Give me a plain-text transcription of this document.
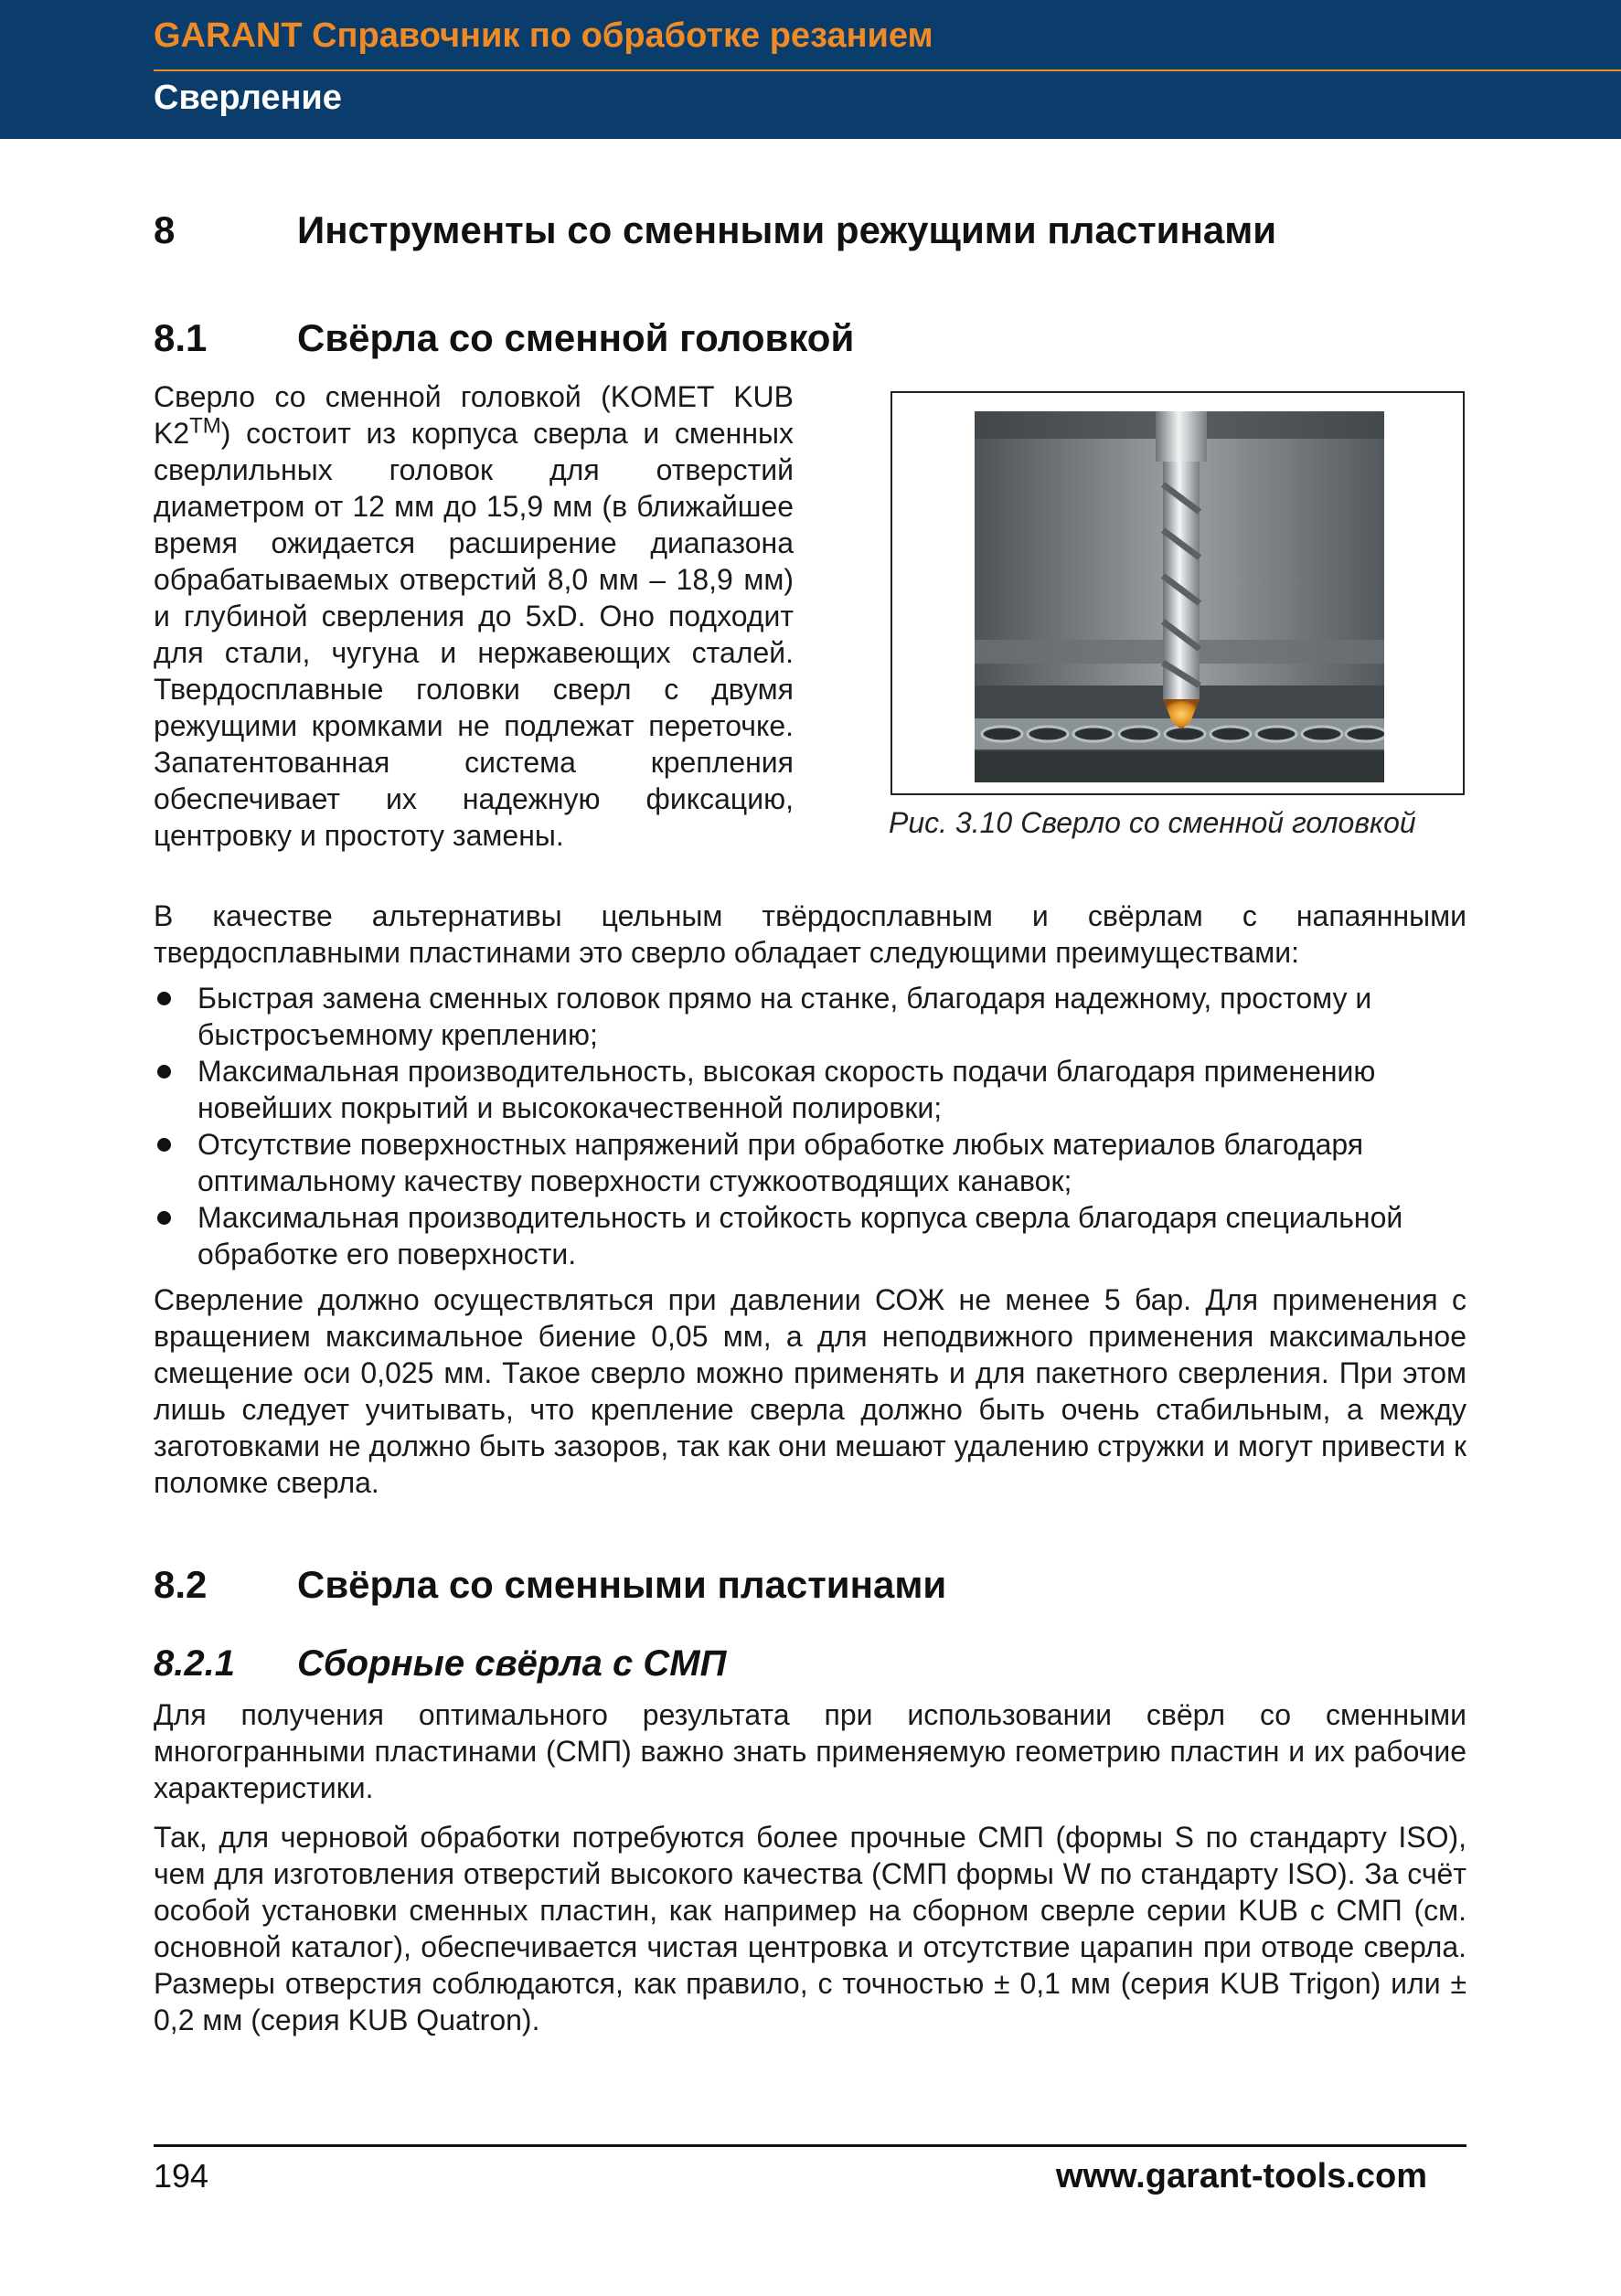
GARANT Справочник по обработке резанием
Сверление
8	Инструменты со сменными режущими пластинами
8.1 Свёрла со сменной головкой

Сверло со сменной головкой (KOMET KUB K2™) состоит из корпуса сверла и сменных сверлильных головок для отверстий диаметром от 12 мм до 15,9 мм (в ближайшее время ожидается расширение диапазона обрабатываемых отверстий 8,0 мм – 18,9 мм) и глубиной сверления до 5xD. Оно подходит для стали, чугуна и нержавеющих сталей. Твердосплавные головки сверл с двумя режущими кромками не подлежат переточке. Запатентованная система крепления обеспечивает их надежную фиксацию, центровку и простоту замены.	Рис. 3.10 Сверло со сменной головкой

В качестве альтернативы цельным твёрдосплавным и свёрлам с напаянными твердосплавными пластинами это сверло обладает следующими преимуществами:

Быстрая замена сменных головок прямо на станке, благодаря надежному, простому и быстросъемному креплению;
Максимальная производительность, высокая скорость подачи благодаря применению новейших покрытий и высококачественной полировки;
Отсутствие поверхностных напряжений при обработке любых материалов благодаря оптимальному качеству поверхности стужкоотводящих канавок;
Максимальная производительность и стойкость корпуса сверла благодаря специальной обработке его поверхности.

Сверление должно осуществляться при давлении СОЖ не менее 5 бар. Для применения с вращением максимальное биение 0,05 мм, а для неподвижного применения максимальное смещение оси 0,025 мм. Такое сверло можно применять и для пакетного сверления. При этом лишь следует учитывать, что крепление сверла должно быть очень стабильным, а между заготовками не должно быть зазоров, так как они мешают удалению стружки и могут привести к поломке сверла.

8.2 Свёрла со сменными пластинами
8.2.1 Сборные свёрла с СМП

Для получения оптимального результата при использовании свёрл со сменными многогранными пластинами (СМП) важно знать применяемую геометрию пластин и их рабочие характеристики.

Так, для черновой обработки потребуются более прочные СМП (формы S по стандарту ISO), чем для изготовления отверстий высокого качества (СМП формы W по стандарту ISO). За счёт особой установки сменных пластин, как например на сборном сверле серии KUB с СМП (см. основной каталог), обеспечивается чистая центровка и отсутствие царапин при отводе сверла. Размеры отверстия соблюдаются, как правило, с точностью ± 0,1 мм (серия KUB Trigon) или ± 0,2 мм (серия KUB Quatron).

194	www.garant-tools.com
